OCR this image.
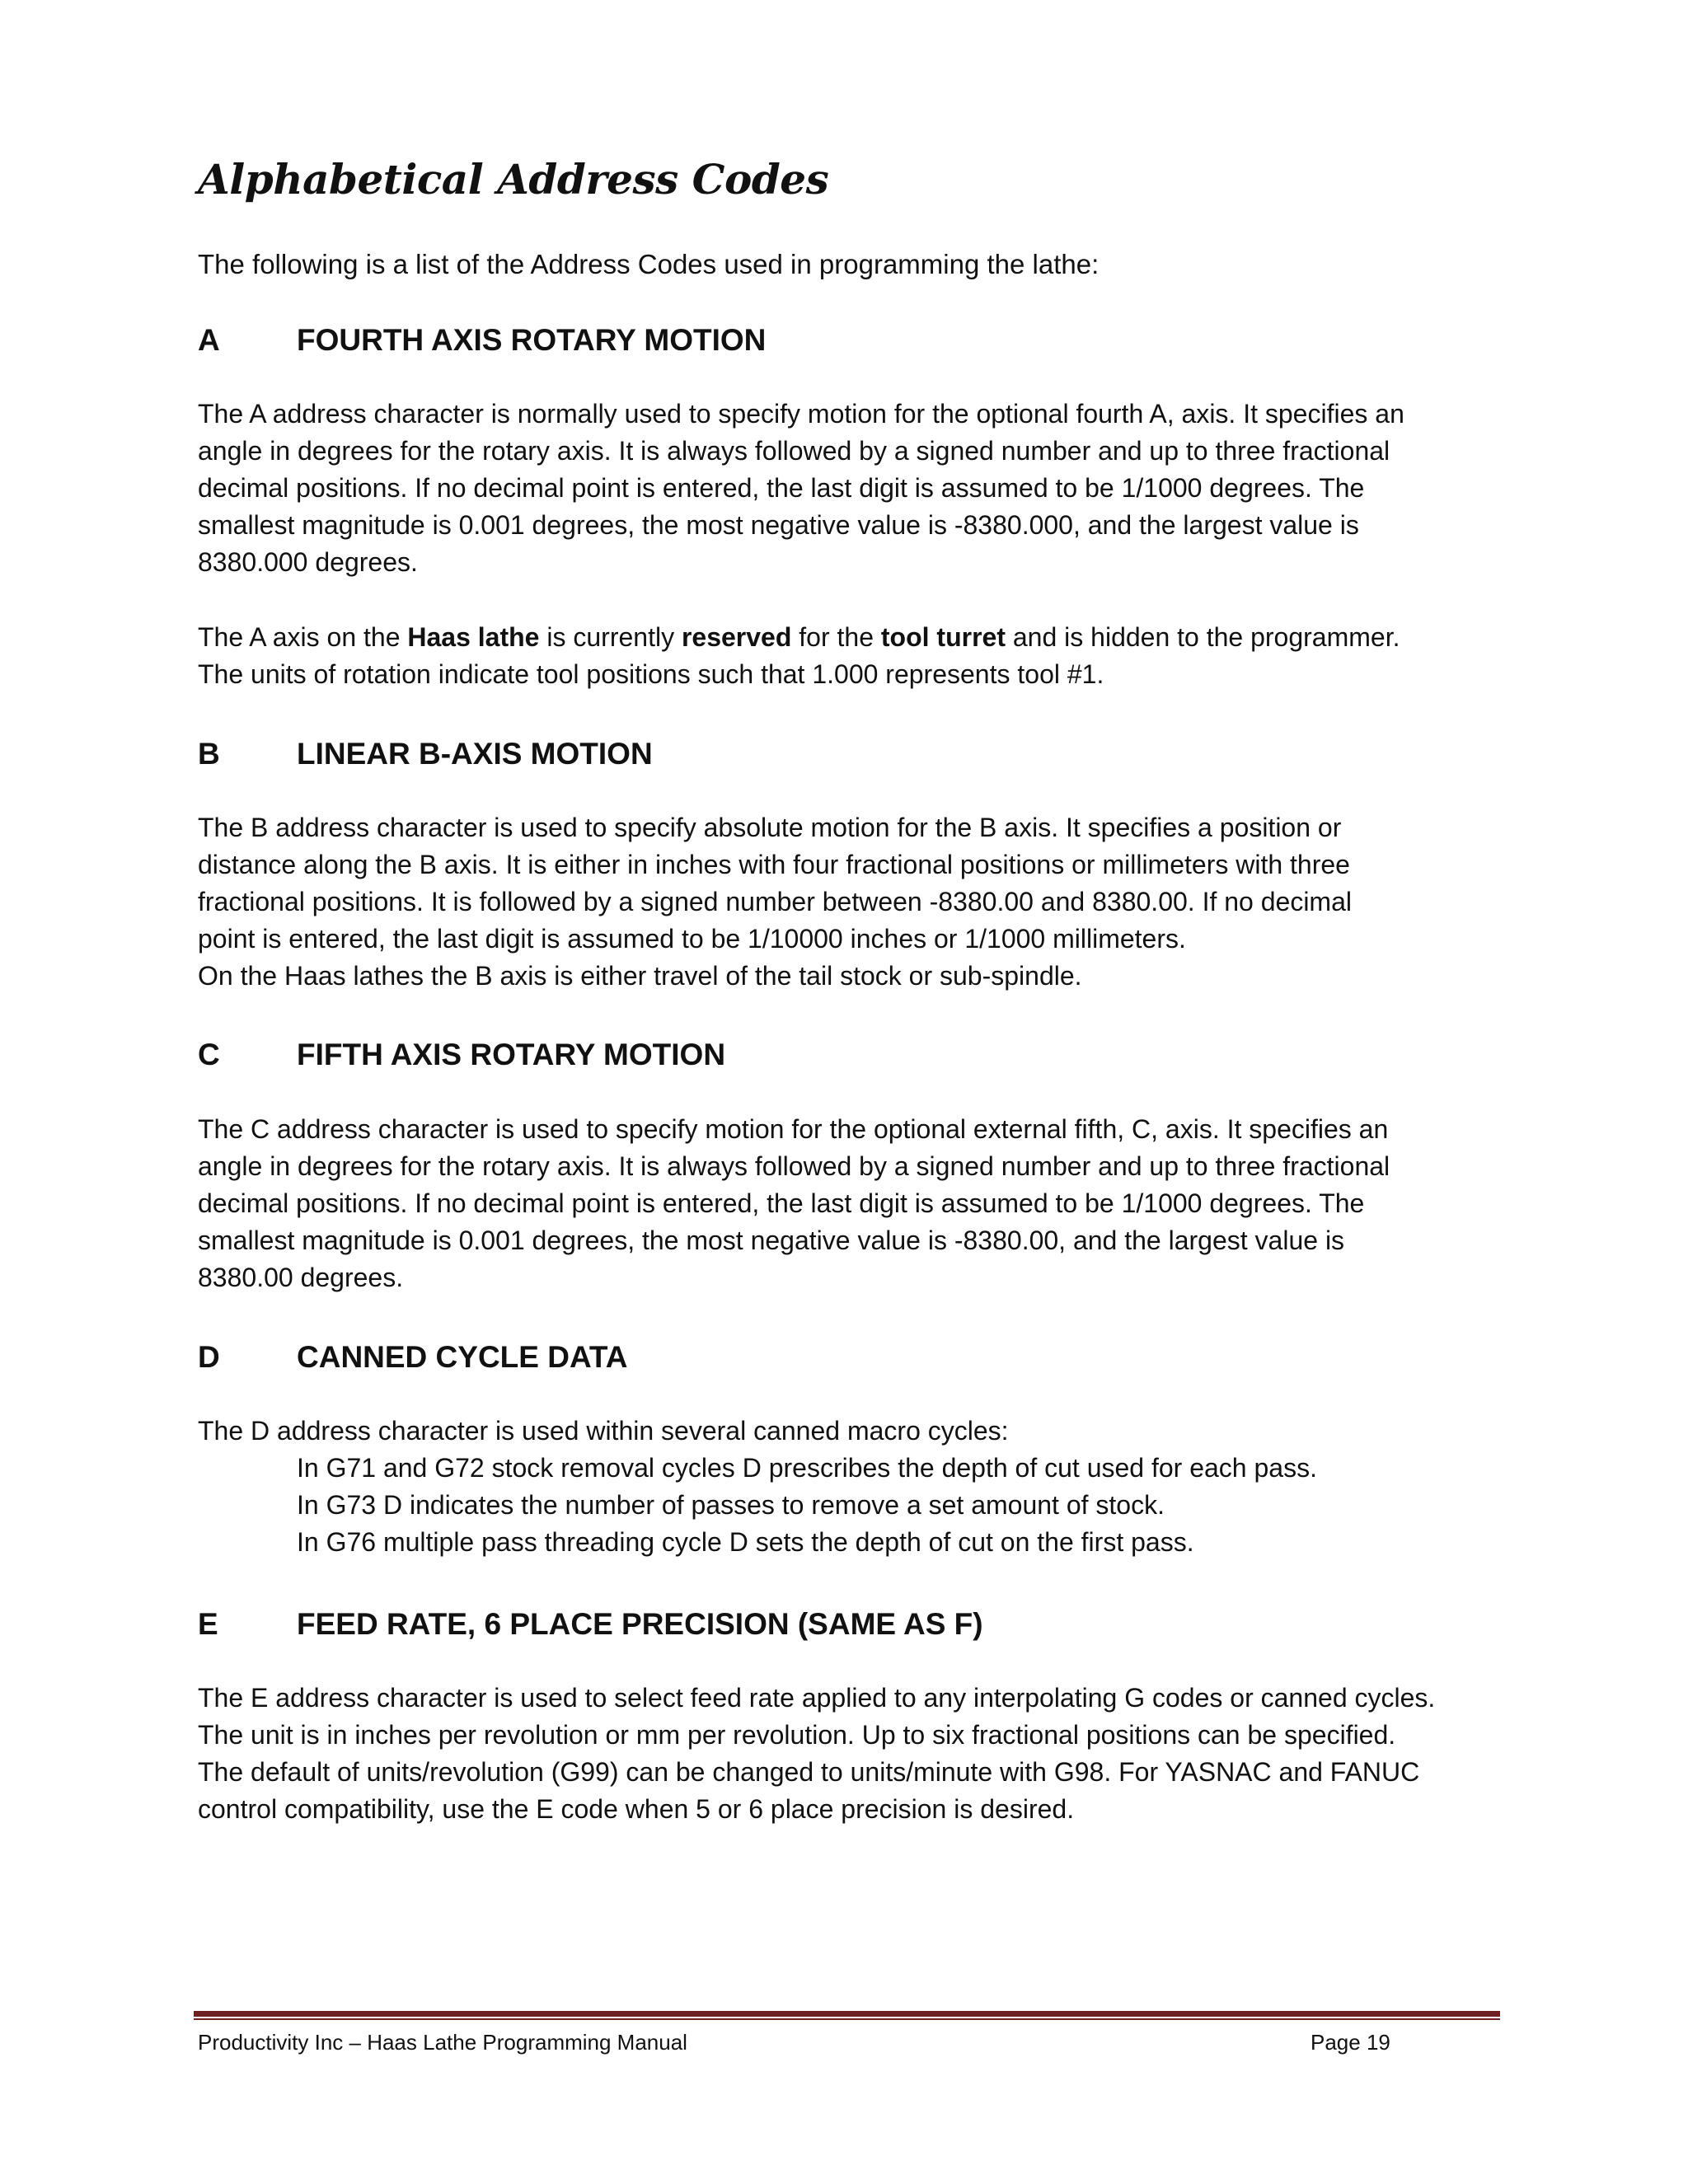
Alphabetical Address Codes

The following is a list of the Address Codes used in programming the lathe:

A	FOURTH AXIS ROTARY MOTION
The A address character is normally used to specify motion for the optional fourth A, axis. It specifies an
angle in degrees for the rotary axis. It is always followed by a signed number and up to three fractional
decimal positions. If no decimal point is entered, the last digit is assumed to be 1/1000 degrees. The
smallest magnitude is 0.001 degrees, the most negative value is -8380.000, and the largest value is
8380.000 degrees.
The A axis on the Haas lathe is currently reserved for the tool turret and is hidden to the programmer.
The units of rotation indicate tool positions such that 1.000 represents tool #1.
B	LINEAR B-AXIS MOTION
The B address character is used to specify absolute motion for the B axis. It specifies a position or
distance along the B axis. It is either in inches with four fractional positions or millimeters with three
fractional positions. It is followed by a signed number between -8380.00 and 8380.00. If no decimal
point is entered, the last digit is assumed to be 1/10000 inches or 1/1000 millimeters.
On the Haas lathes the B axis is either travel of the tail stock or sub-spindle.
C	FIFTH AXIS ROTARY MOTION
The C address character is used to specify motion for the optional external fifth, C, axis. It specifies an
angle in degrees for the rotary axis. It is always followed by a signed number and up to three fractional
decimal positions. If no decimal point is entered, the last digit is assumed to be 1/1000 degrees. The
smallest magnitude is 0.001 degrees, the most negative value is -8380.00, and the largest value is
8380.00 degrees.
D	CANNED CYCLE DATA
The D address character is used within several canned macro cycles:
In G71 and G72 stock removal cycles D prescribes the depth of cut used for each pass.
In G73 D indicates the number of passes to remove a set amount of stock.
In G76 multiple pass threading cycle D sets the depth of cut on the first pass.
E	FEED RATE, 6 PLACE PRECISION (SAME AS F)
The E address character is used to select feed rate applied to any interpolating G codes or canned cycles.
The unit is in inches per revolution or mm per revolution. Up to six fractional positions can be specified.
The default of units/revolution (G99) can be changed to units/minute with G98. For YASNAC and FANUC
control compatibility, use the E code when 5 or 6 place precision is desired.
Productivity Inc – Haas Lathe Programming Manual	Page 19
